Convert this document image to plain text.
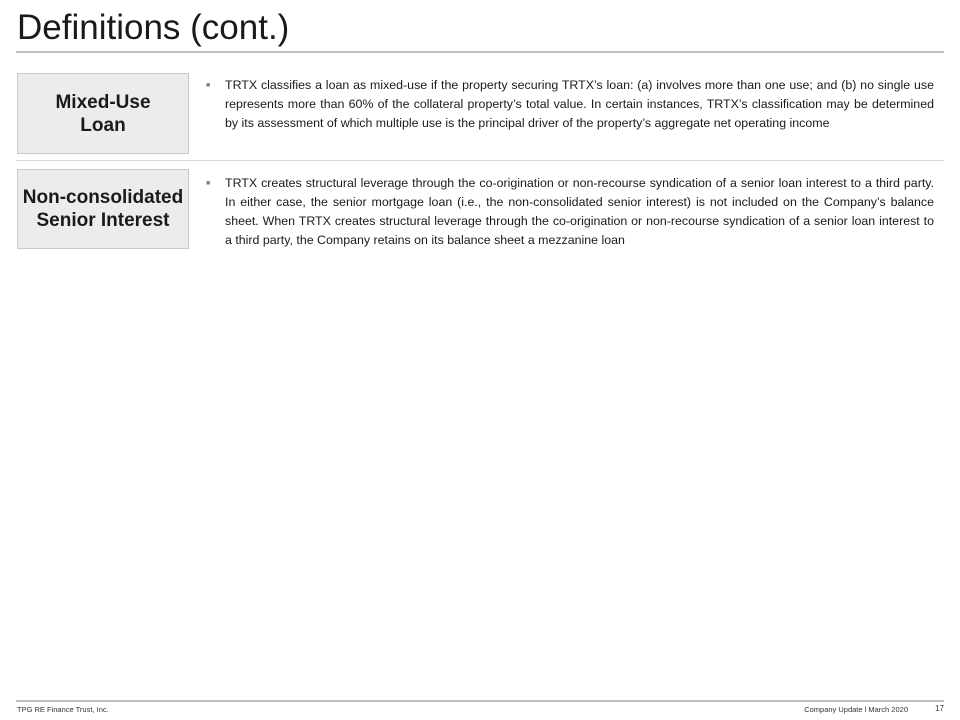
Definitions (cont.)
Mixed-Use
Loan
■	TRTX classifies a loan as mixed-use if the property securing TRTX’s loan: (a) involves more than one use; and (b) no single use represents more than 60% of the collateral property’s total value. In certain instances, TRTX’s classification may be determined by its assessment of which multiple use is the principal driver of the property’s aggregate net operating income
Non-consolidated
Senior Interest
■	TRTX creates structural leverage through the co-origination or non-recourse syndication of a senior loan interest to a third party. In either case, the senior mortgage loan (i.e., the non-consolidated senior interest) is not included on the Company’s balance sheet. When TRTX creates structural leverage through the co-origination or non-recourse syndication of a senior loan interest to a third party, the Company retains on its balance sheet a mezzanine loan
TPG RE Finance Trust, Inc.	Company Update l March 2020	17
